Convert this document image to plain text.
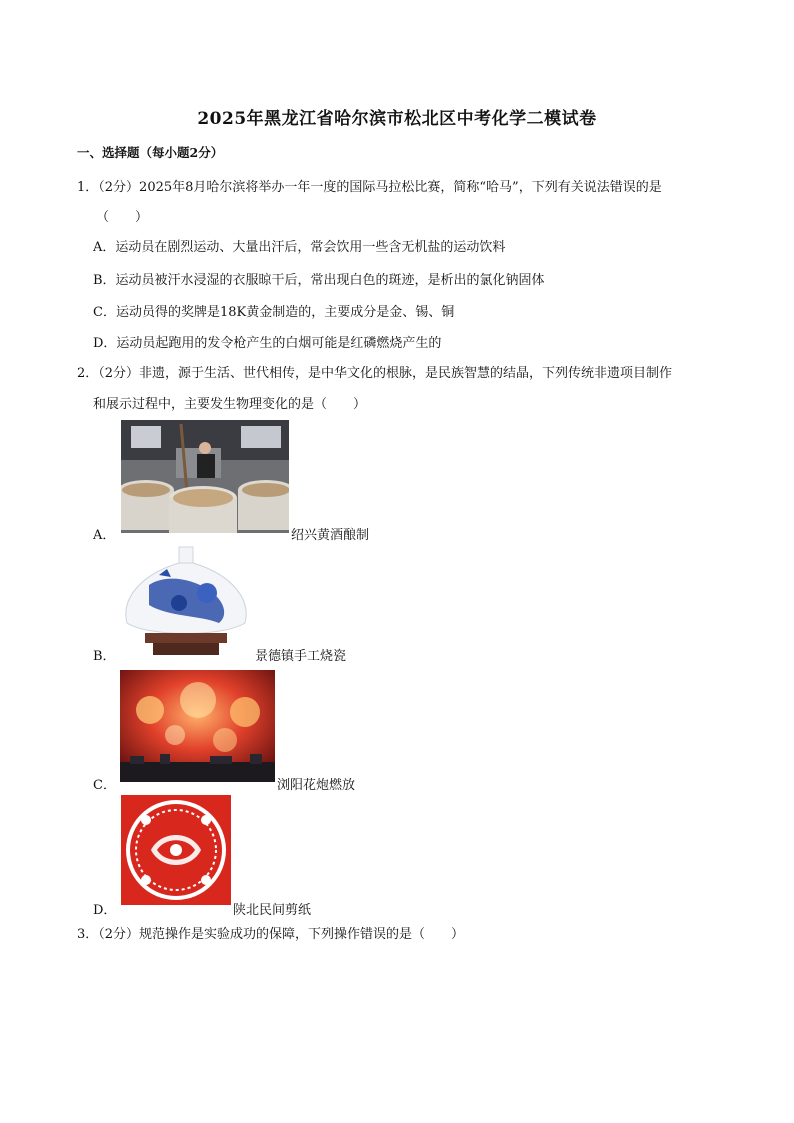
2025年黑龙江省哈尔滨市松北区中考化学二模试卷
一、选择题（每小题2分）
1．（2分）2025年8月哈尔滨将举办一年一度的国际马拉松比赛，简称“哈马”，下列有关说法错误的是
（　　）
A．运动员在剧烈运动、大量出汗后，常会饮用一些含无机盐的运动饮料
B．运动员被汗水浸湿的衣服晾干后，常出现白色的斑迹，是析出的氯化钠固体
C．运动员得的奖牌是18K黄金制造的，主要成分是金、锡、铜
D．运动员起跑用的发令枪产生的白烟可能是红磷燃烧产生的
2．（2分）非遗，源于生活、世代相传，是中华文化的根脉，是民族智慧的结晶，下列传统非遗项目制作
和展示过程中，主要发生物理变化的是（　　）
A．	绍兴黄酒酿制
B．	景德镇手工烧瓷
C．	浏阳花炮燃放
D．	陕北民间剪纸
3．（2分）规范操作是实验成功的保障，下列操作错误的是（　　）
